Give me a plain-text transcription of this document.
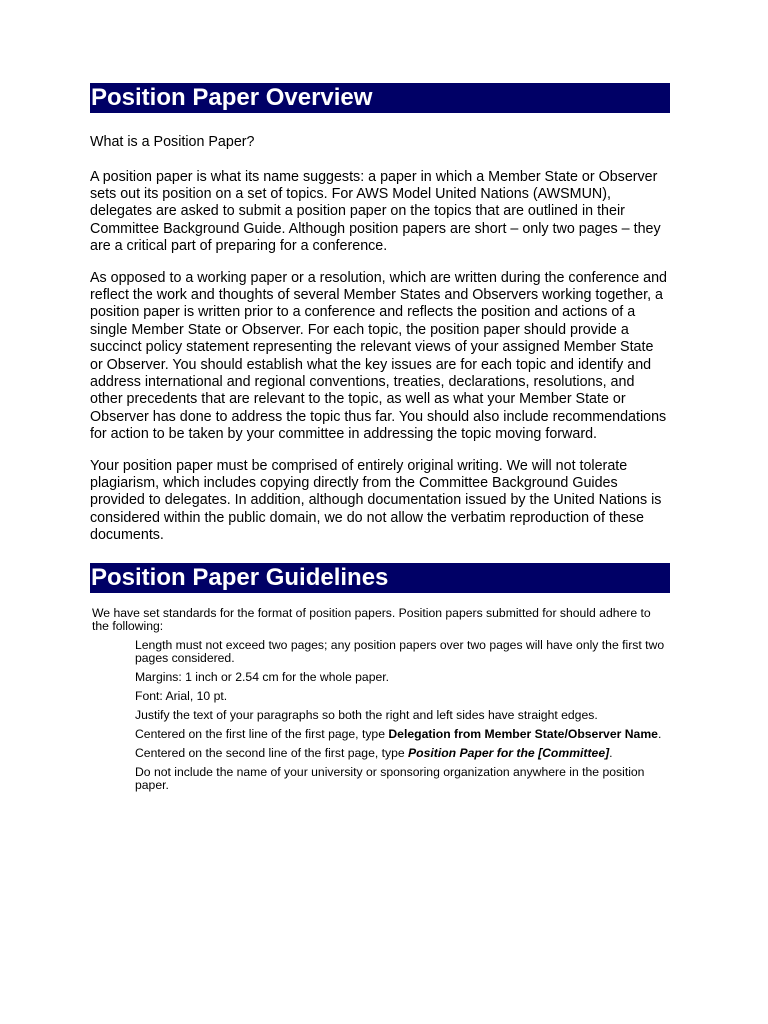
Position Paper Overview

What is a Position Paper?

A position paper is what its name suggests: a paper in which a Member State or Observer sets out its position on a set of topics. For AWS Model United Nations (AWSMUN), delegates are asked to submit a position paper on the topics that are outlined in their Committee Background Guide. Although position papers are short – only two pages – they are a critical part of preparing for a conference.

As opposed to a working paper or a resolution, which are written during the conference and reflect the work and thoughts of several Member States and Observers working together, a position paper is written prior to a conference and reflects the position and actions of a single Member State or Observer. For each topic, the position paper should provide a succinct policy statement representing the relevant views of your assigned Member State or Observer. You should establish what the key issues are for each topic and identify and address international and regional conventions, treaties, declarations, resolutions, and other precedents that are relevant to the topic, as well as what your Member State or Observer has done to address the topic thus far. You should also include recommendations for action to be taken by your committee in addressing the topic moving forward.

Your position paper must be comprised of entirely original writing. We will not tolerate plagiarism, which includes copying directly from the Committee Background Guides provided to delegates. In addition, although documentation issued by the United Nations is considered within the public domain, we do not allow the verbatim reproduction of these documents.

Position Paper Guidelines

We have set standards for the format of position papers. Position papers submitted for should adhere to the following:

Length must not exceed two pages; any position papers over two pages will have only the first two pages considered.
Margins: 1 inch or 2.54 cm for the whole paper.
Font: Arial, 10 pt.
Justify the text of your paragraphs so both the right and left sides have straight edges.
Centered on the first line of the first page, type Delegation from Member State/Observer Name.
Centered on the second line of the first page, type Position Paper for the [Committee].
Do not include the name of your university or sponsoring organization anywhere in the position paper.
